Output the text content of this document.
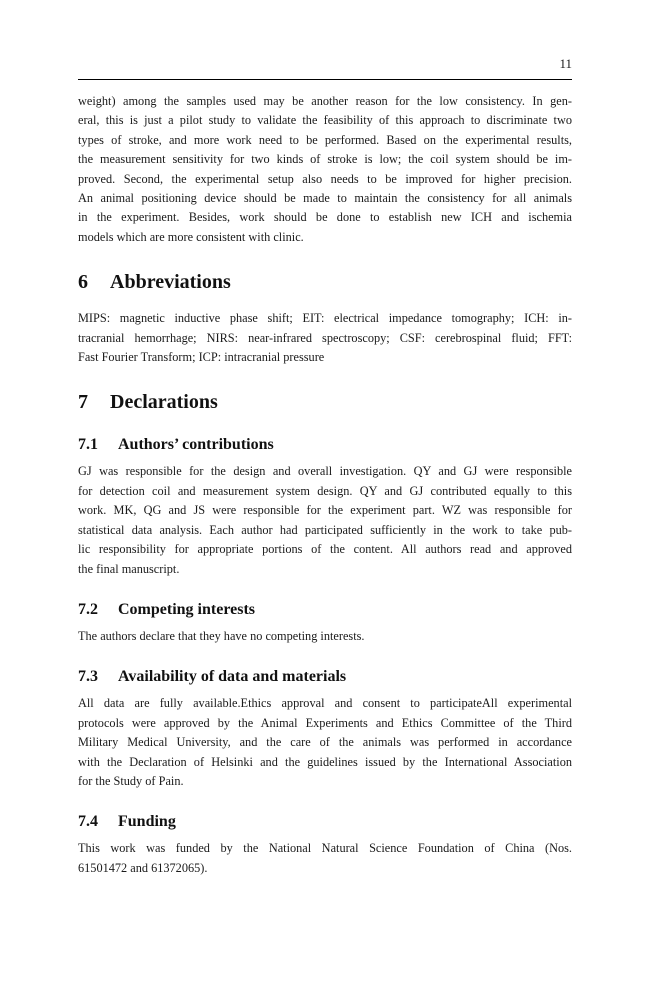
11

weight) among the samples used may be another reason for the low consistency. In gen-
eral, this is just a pilot study to validate the feasibility of this approach to discriminate two
types of stroke, and more work need to be performed. Based on the experimental results,
the measurement sensitivity for two kinds of stroke is low; the coil system should be im-
proved. Second, the experimental setup also needs to be improved for higher precision.
An animal positioning device should be made to maintain the consistency for all animals
in the experiment. Besides, work should be done to establish new ICH and ischemia
models which are more consistent with clinic.

6 Abbreviations

MIPS: magnetic inductive phase shift; EIT: electrical impedance tomography; ICH: in-
tracranial hemorrhage; NIRS: near-infrared spectroscopy; CSF: cerebrospinal fluid; FFT:
Fast Fourier Transform; ICP: intracranial pressure

7 Declarations
7.1 Authors’ contributions

GJ was responsible for the design and overall investigation. QY and GJ were responsible
for detection coil and measurement system design. QY and GJ contributed equally to this
work. MK, QG and JS were responsible for the experiment part. WZ was responsible for
statistical data analysis. Each author had participated sufficiently in the work to take pub-
lic responsibility for appropriate portions of the content. All authors read and approved
the final manuscript.

7.2 Competing interests

The authors declare that they have no competing interests.

7.3 Availability of data and materials

All data are fully available.Ethics approval and consent to participateAll experimental
protocols were approved by the Animal Experiments and Ethics Committee of the Third
Military Medical University, and the care of the animals was performed in accordance
with the Declaration of Helsinki and the guidelines issued by the International Association
for the Study of Pain.

7.4 Funding

This work was funded by the National Natural Science Foundation of China (Nos.
61501472 and 61372065).
